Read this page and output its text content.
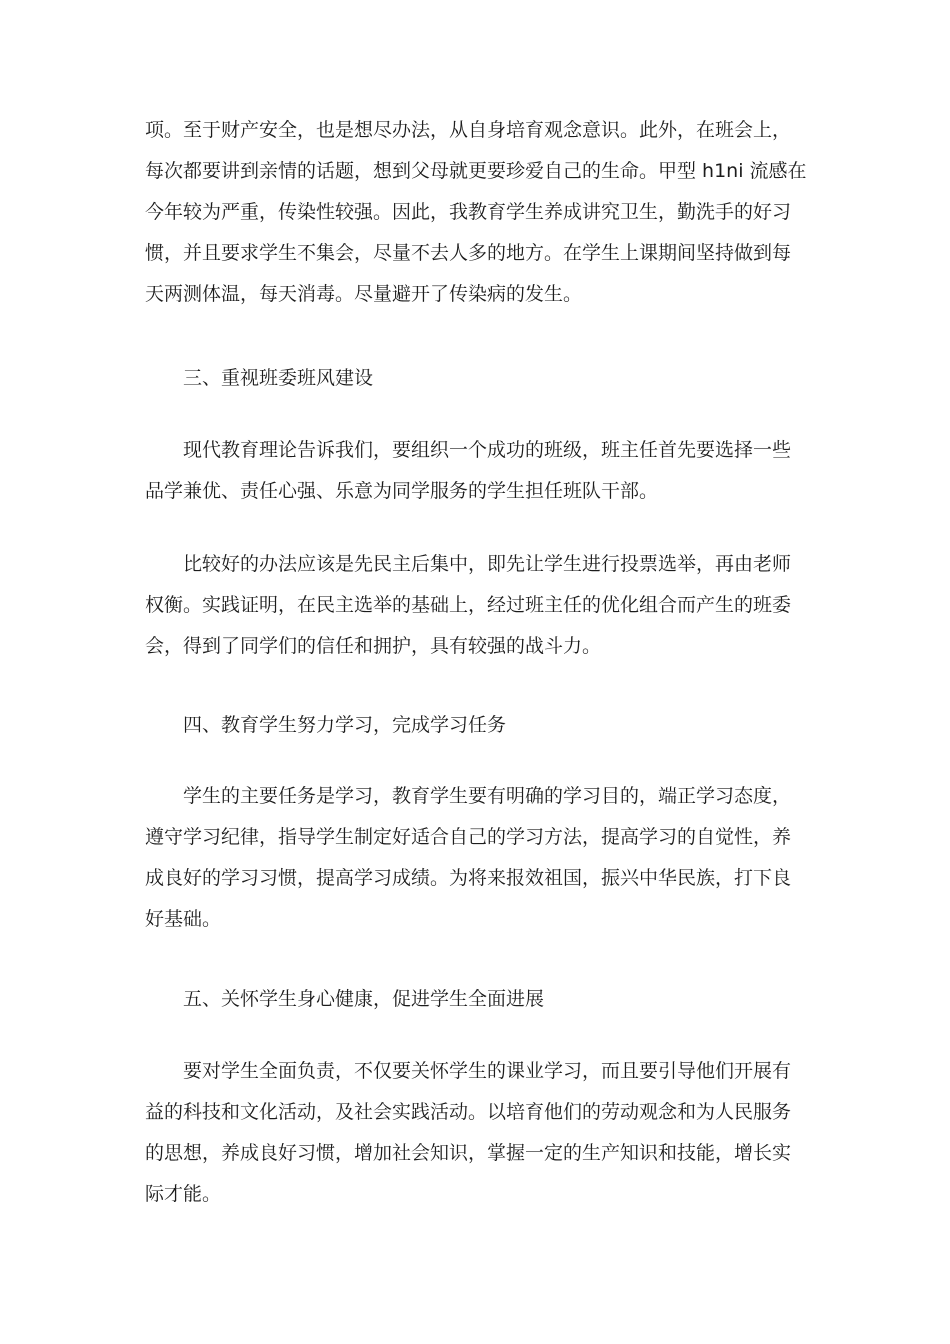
项。至于财产安全，也是想尽办法，从自身培育观念意识。此外，在班会上，
每次都要讲到亲情的话题，想到父母就更要珍爱自己的生命。甲型 h1ni 流感在
今年较为严重，传染性较强。因此，我教育学生养成讲究卫生，勤洗手的好习
惯，并且要求学生不集会，尽量不去人多的地方。在学生上课期间坚持做到每
天两测体温，每天消毒。尽量避开了传染病的发生。
三、重视班委班风建设
现代教育理论告诉我们，要组织一个成功的班级，班主任首先要选择一些
品学兼优、责任心强、乐意为同学服务的学生担任班队干部。
比较好的办法应该是先民主后集中，即先让学生进行投票选举，再由老师
权衡。实践证明，在民主选举的基础上，经过班主任的优化组合而产生的班委
会，得到了同学们的信任和拥护，具有较强的战斗力。
四、教育学生努力学习，完成学习任务
学生的主要任务是学习，教育学生要有明确的学习目的，端正学习态度，
遵守学习纪律，指导学生制定好适合自己的学习方法，提高学习的自觉性，养
成良好的学习习惯，提高学习成绩。为将来报效祖国，振兴中华民族，打下良
好基础。
五、关怀学生身心健康，促进学生全面进展
要对学生全面负责，不仅要关怀学生的课业学习，而且要引导他们开展有
益的科技和文化活动，及社会实践活动。以培育他们的劳动观念和为人民服务
的思想，养成良好习惯，增加社会知识，掌握一定的生产知识和技能，增长实
际才能。
